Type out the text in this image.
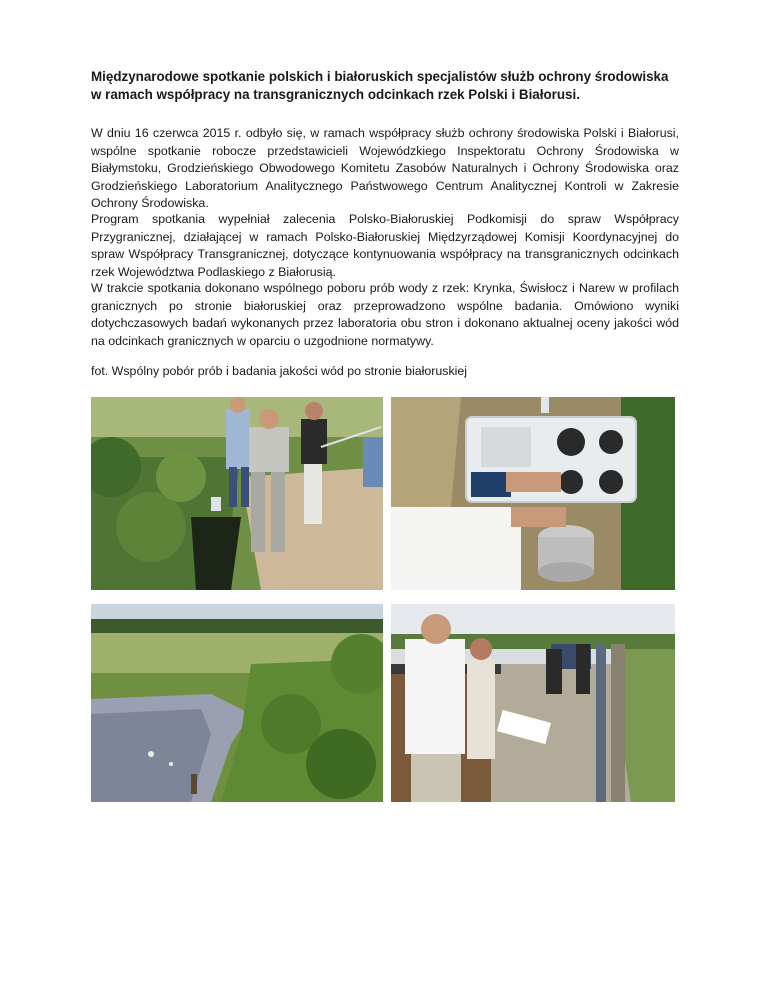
Międzynarodowe spotkanie polskich i białoruskich specjalistów służb ochrony środowiska w ramach współpracy na transgranicznych odcinkach rzek Polski i Białorusi.

W dniu 16 czerwca 2015 r. odbyło się, w ramach współpracy służb ochrony środowiska Polski i Białorusi, wspólne spotkanie robocze przedstawicieli Wojewódzkiego Inspektoratu Ochrony Środowiska w Białymstoku, Grodzieńskiego Obwodowego Komitetu Zasobów Naturalnych i Ochrony Środowiska oraz Grodzieńskiego Laboratorium Analitycznego Państwowego Centrum Analitycznej Kontroli w Zakresie Ochrony Środowiska.

Program spotkania wypełniał zalecenia Polsko-Białoruskiej Podkomisji do spraw Współpracy Przygranicznej, działającej w ramach Polsko-Białoruskiej Międzyrządowej Komisji Koordynacyjnej do spraw Współpracy Transgranicznej, dotyczące kontynuowania współpracy na transgranicznych odcinkach rzek Województwa Podlaskiego z Białorusią.

W trakcie spotkania dokonano wspólnego poboru prób wody z rzek: Krynka, Świsłocz i Narew w profilach granicznych po stronie białoruskiej oraz przeprowadzono wspólne badania. Omówiono wyniki dotychczasowych badań wykonanych przez laboratoria obu stron i dokonano aktualnej oceny jakości wód na odcinkach granicznych w oparciu o uzgodnione normatywy.

fot. Wspólny pobór prób i badania jakości wód po stronie białoruskiej
